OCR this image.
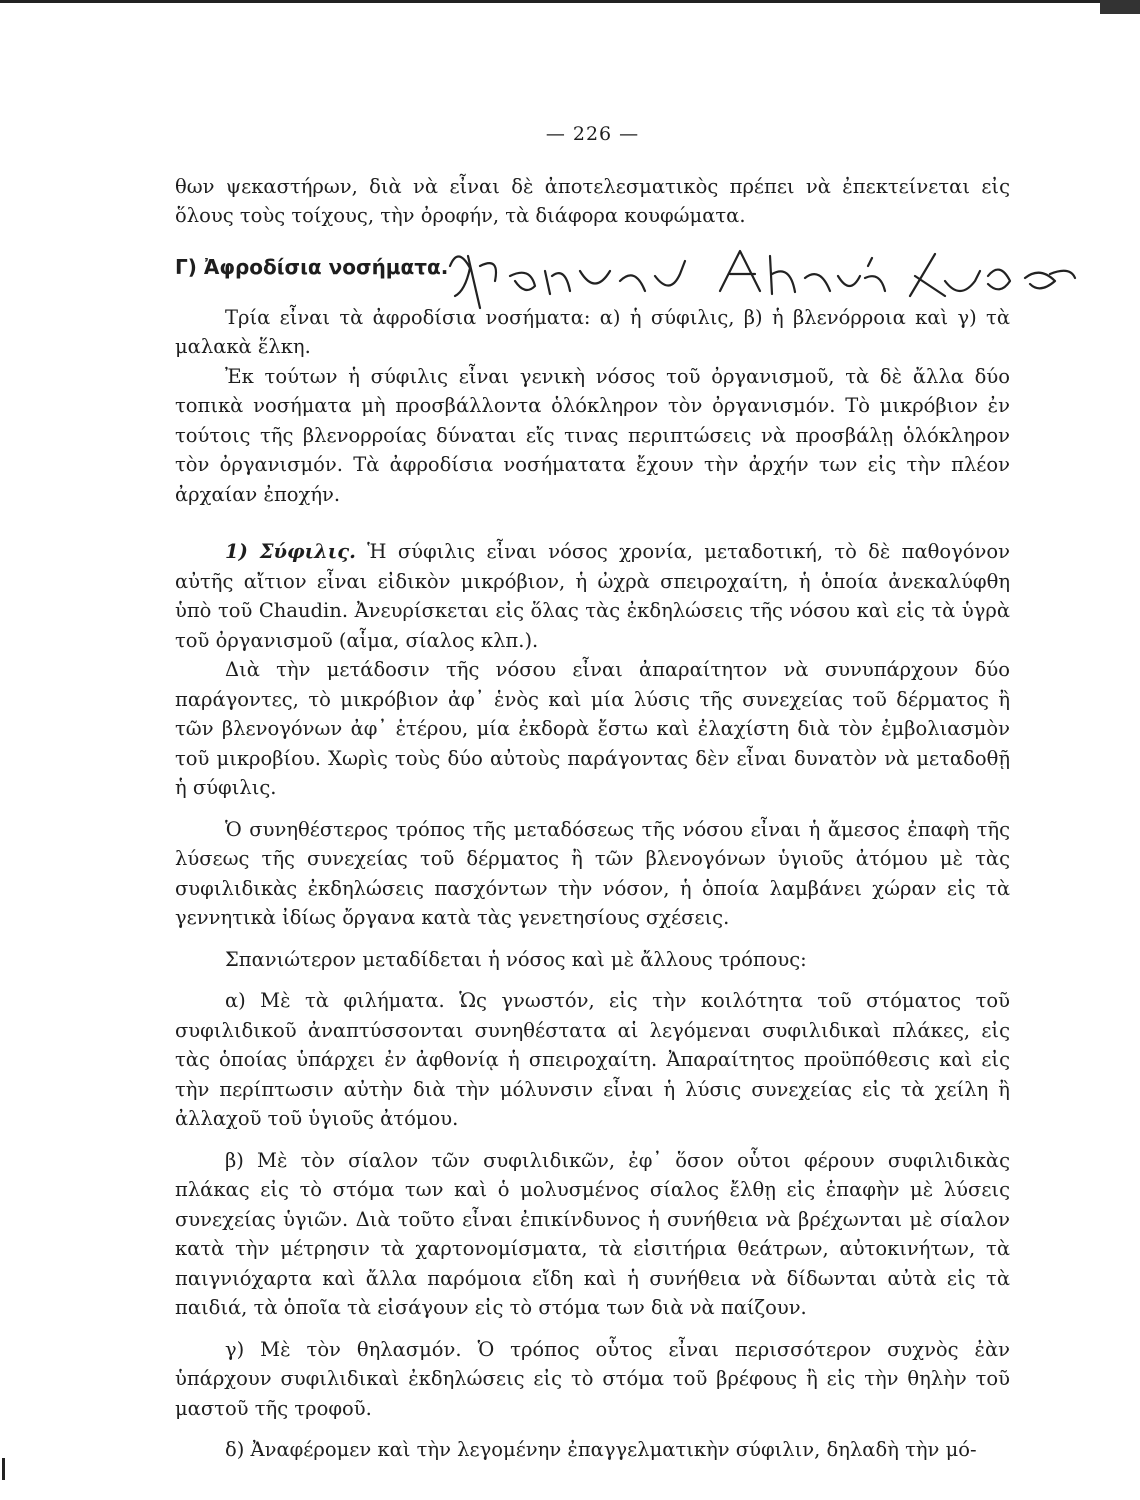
— 226 —

θων ψεκαστήρων, διὰ νὰ εἶναι δὲ ἀποτελεσματικὸς πρέπει νὰ ἐπεκτείνεται εἰς ὅλους τοὺς τοίχους, τὴν ὀροφήν, τὰ διάφορα κουφώματα.

Γ) Ἀφροδίσια νοσήματα.

Τρία εἶναι τὰ ἀφροδίσια νοσήματα: α) ἡ σύφιλις, β) ἡ βλενόρροια καὶ γ) τὰ μαλακὰ ἕλκη.

Ἐκ τούτων ἡ σύφιλις εἶναι γενικὴ νόσος τοῦ ὀργανισμοῦ, τὰ δὲ ἄλλα δύο τοπικὰ νοσήματα μὴ προσβάλλοντα ὁλόκληρον τὸν ὀργανισμόν. Τὸ μικρόβιον ἐν τούτοις τῆς βλενορροίας δύναται εἴς τινας περιπτώσεις νὰ προσβάλῃ ὁλόκληρον τὸν ὀργανισμόν. Τὰ ἀφροδίσια νοσήματατα ἔχουν τὴν ἀρχήν των εἰς τὴν πλέον ἀρχαίαν ἐποχήν.

1) Σύφιλις. Ἡ σύφιλις εἶναι νόσος χρονία, μεταδοτική, τὸ δὲ παθογόνον αὐτῆς αἴτιον εἶναι εἰδικὸν μικρόβιον, ἡ ὠχρὰ σπειροχαίτη, ἡ ὁποία ἀνεκαλύφθη ὑπὸ τοῦ Chaudin. Ἀνευρίσκεται εἰς ὅλας τὰς ἐκδηλώσεις τῆς νόσου καὶ εἰς τὰ ὑγρὰ τοῦ ὀργανισμοῦ (αἷμα, σίαλος κλπ.).

Διὰ τὴν μετάδοσιν τῆς νόσου εἶναι ἀπαραίτητον νὰ συνυπάρχουν δύο παράγοντες, τὸ μικρόβιον ἀφ᾿ ἑνὸς καὶ μία λύσις τῆς συνεχείας τοῦ δέρματος ἢ τῶν βλενογόνων ἀφ᾿ ἑτέρου, μία ἐκδορὰ ἔστω καὶ ἐλαχίστη διὰ τὸν ἐμβολιασμὸν τοῦ μικροβίου. Χωρὶς τοὺς δύο αὐτοὺς παράγοντας δὲν εἶναι δυνατὸν νὰ μεταδοθῇ ἡ σύφιλις.

Ὁ συνηθέστερος τρόπος τῆς μεταδόσεως τῆς νόσου εἶναι ἡ ἄμεσος ἐπαφὴ τῆς λύσεως τῆς συνεχείας τοῦ δέρματος ἢ τῶν βλενογόνων ὑγιοῦς ἀτόμου μὲ τὰς συφιλιδικὰς ἐκδηλώσεις πασχόντων τὴν νόσον, ἡ ὁποία λαμβάνει χώραν εἰς τὰ γεννητικὰ ἰδίως ὄργανα κατὰ τὰς γενετησίους σχέσεις.

Σπανιώτερον μεταδίδεται ἡ νόσος καὶ μὲ ἄλλους τρόπους:

α) Μὲ τὰ φιλήματα. Ὡς γνωστόν, εἰς τὴν κοιλότητα τοῦ στόματος τοῦ συφιλιδικοῦ ἀναπτύσσονται συνηθέστατα αἱ λεγόμεναι συφιλιδικαὶ πλάκες, εἰς τὰς ὁποίας ὑπάρχει ἐν ἀφθονίᾳ ἡ σπειροχαίτη. Ἀπαραίτητος προϋπόθεσις καὶ εἰς τὴν περίπτωσιν αὐτὴν διὰ τὴν μόλυνσιν εἶναι ἡ λύσις συνεχείας εἰς τὰ χείλη ἢ ἀλλαχοῦ τοῦ ὑγιοῦς ἀτόμου.

β) Μὲ τὸν σίαλον τῶν συφιλιδικῶν, ἐφ᾿ ὅσον οὗτοι φέρουν συφιλιδικὰς πλάκας εἰς τὸ στόμα των καὶ ὁ μολυσμένος σίαλος ἔλθῃ εἰς ἐπαφὴν μὲ λύσεις συνεχείας ὑγιῶν. Διὰ τοῦτο εἶναι ἐπικίνδυνος ἡ συνήθεια νὰ βρέχωνται μὲ σίαλον κατὰ τὴν μέτρησιν τὰ χαρτονομίσματα, τὰ εἰσιτήρια θεάτρων, αὐτοκινήτων, τὰ παιγνιόχαρτα καὶ ἄλλα παρόμοια εἴδη καὶ ἡ συνήθεια νὰ δίδωνται αὐτὰ εἰς τὰ παιδιά, τὰ ὁποῖα τὰ εἰσάγουν εἰς τὸ στόμα των διὰ νὰ παίζουν.

γ) Μὲ τὸν θηλασμόν. Ὁ τρόπος οὗτος εἶναι περισσότερον συχνὸς ἐὰν ὑπάρχουν συφιλιδικαὶ ἐκδηλώσεις εἰς τὸ στόμα τοῦ βρέφους ἢ εἰς τὴν θηλὴν τοῦ μαστοῦ τῆς τροφοῦ.

δ) Ἀναφέρομεν καὶ τὴν λεγομένην ἐπαγγελματικὴν σύφιλιν, δηλαδὴ τὴν μό-
